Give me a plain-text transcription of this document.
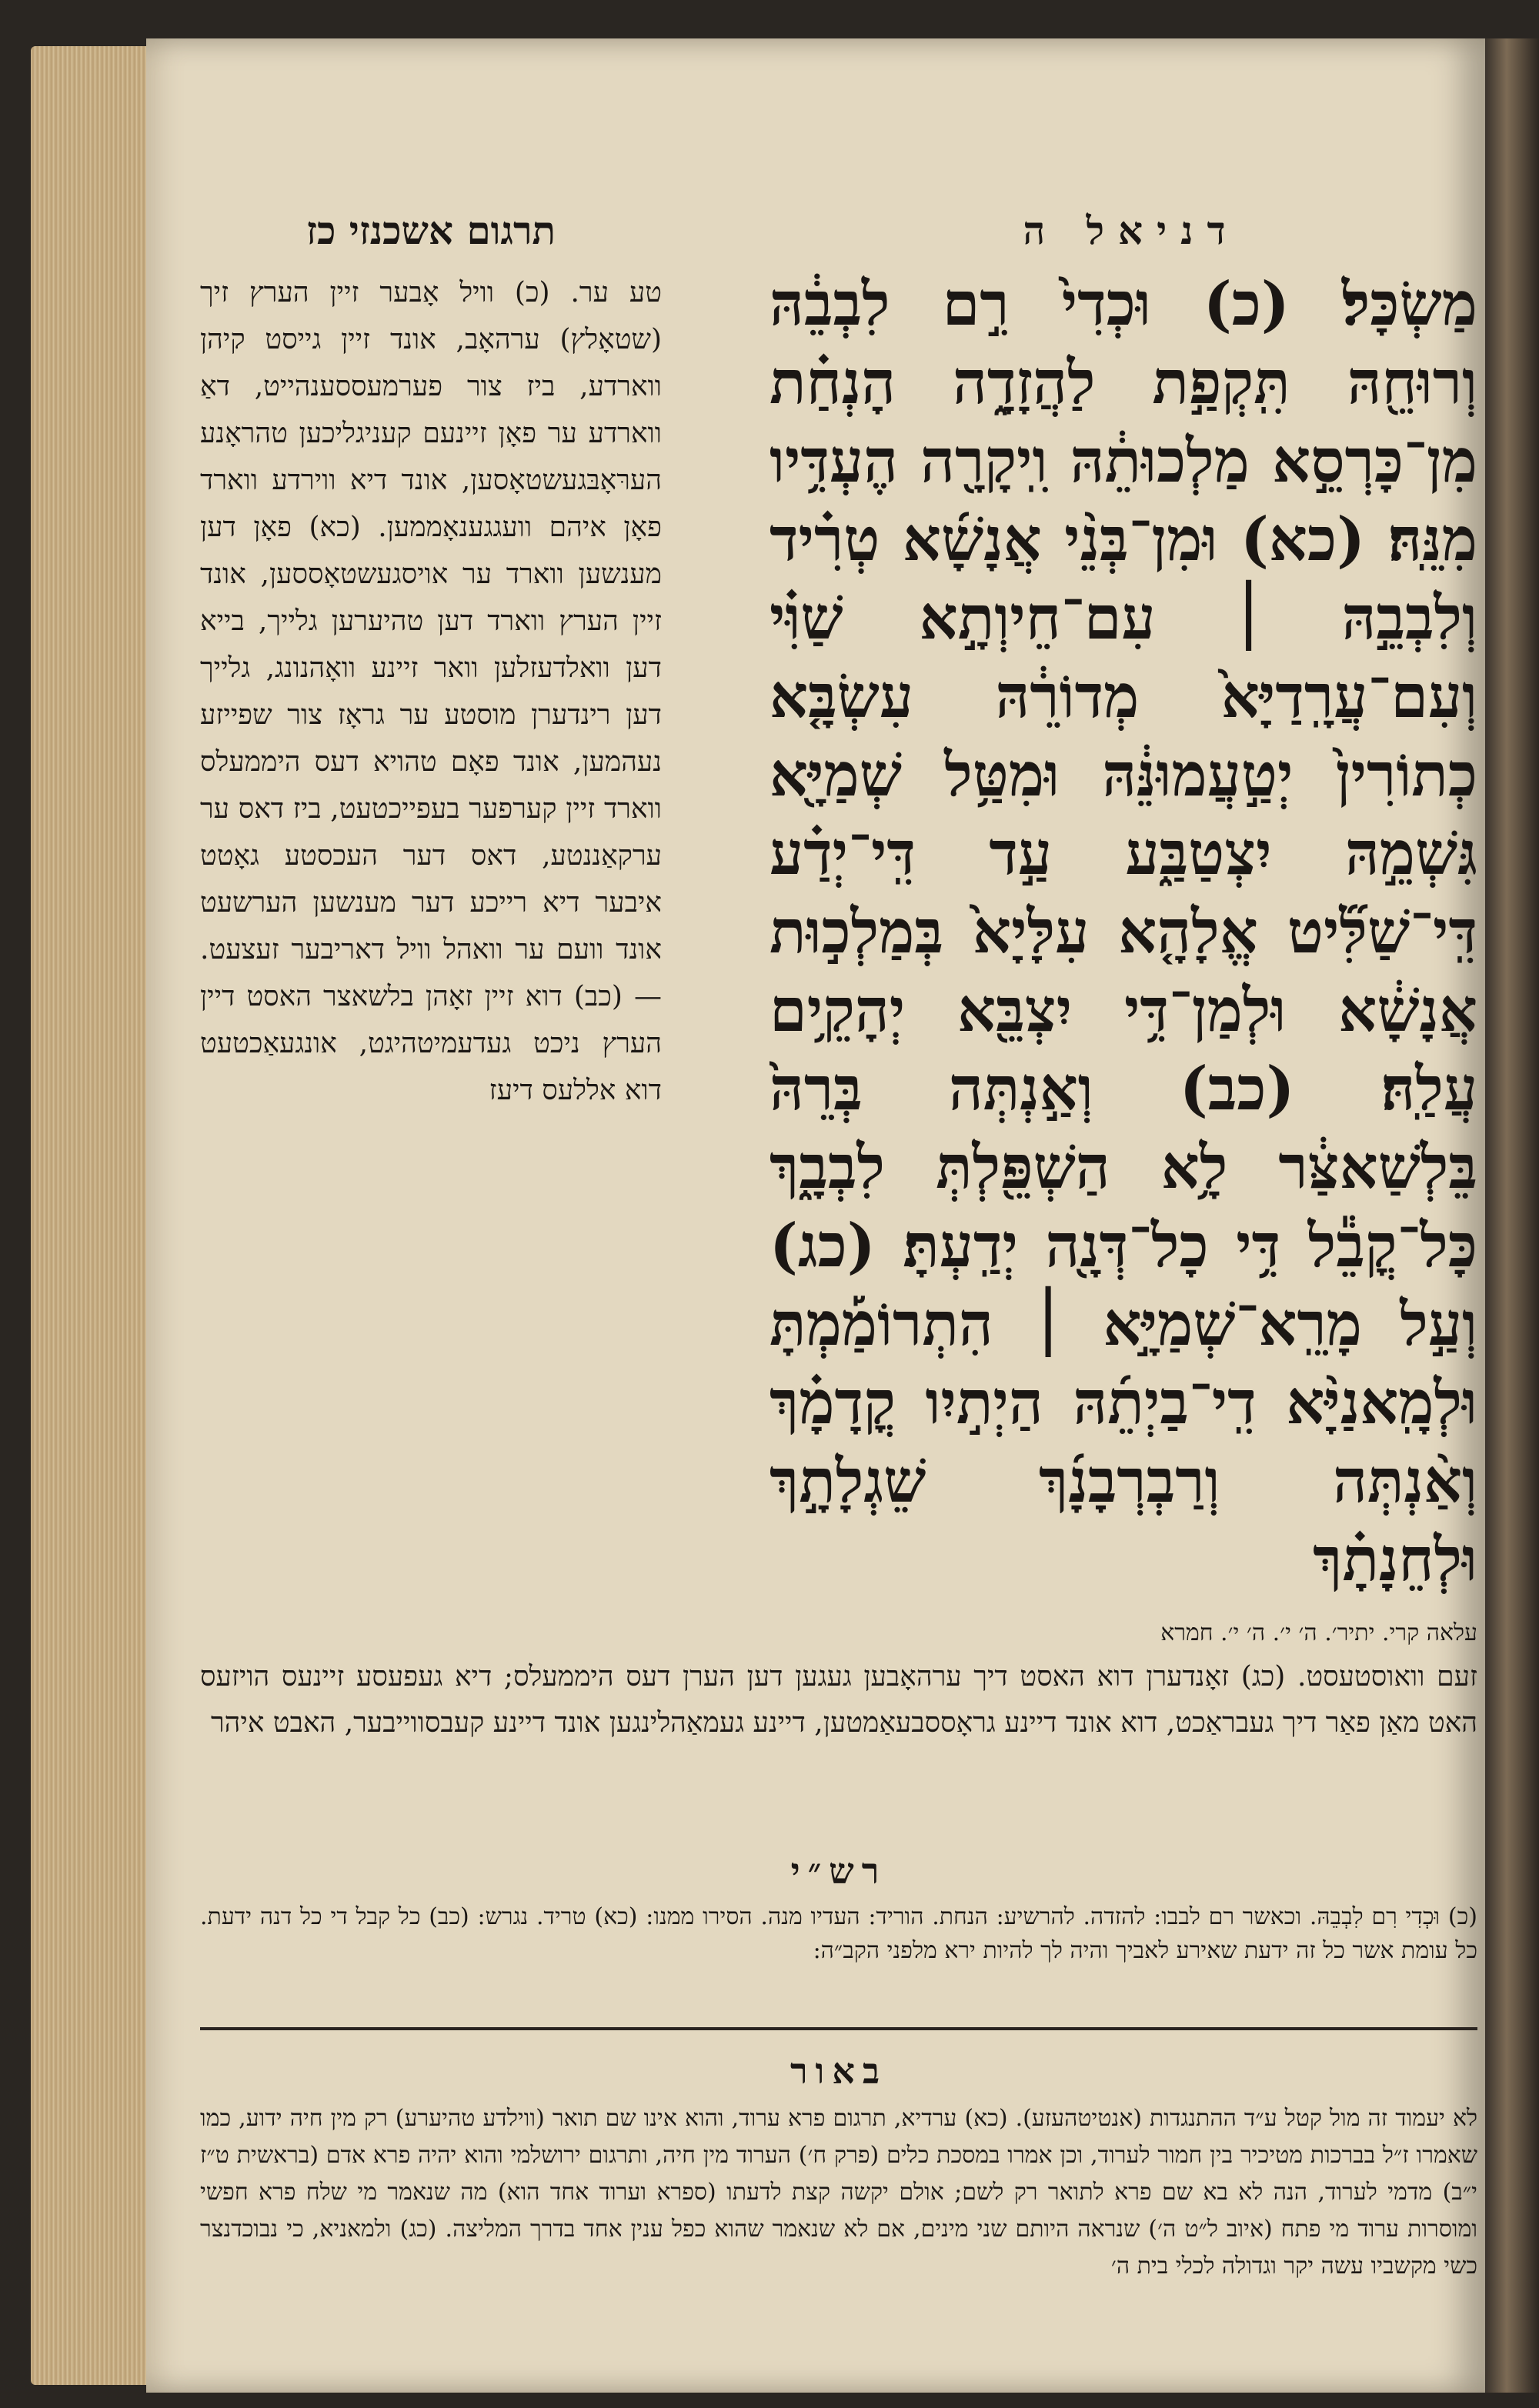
דניאל ה
תרגום אשכנזי כז
מַשְׂכָּל׃ (כ) וּכְדִי֙ רִ֣ם לִבְבֵ֔הּ וְרוּחֵ֖הּ תִּֽקְפַ֣ת לַהֲזָדָ֑ה הָנְחַ֗ת מִן־כָּרְסֵ֣א מַלְכוּתֵ֔הּ וִֽיקָרָ֖ה הֶעְדִּ֥יו מִנֵּֽהּ׃ (כא) וּמִן־בְּנֵ֨י אֲנָשָׁ֜א טְרִ֗יד וְלִבְבֵ֣הּ ׀ עִם־חֵיוְתָ֣א שַׁוִּ֗י וְעִם־עֲרָֽדַיָּא֙ מְדוֹרֵ֔הּ עִשְׂבָּ֤א כְתוֹרִין֙ יְטַ֣עֲמוּנֵּ֔הּ וּמִטַּ֥ל שְׁמַיָּ֖א גִּשְׁמֵ֣הּ יִצְטַבַּ֑ע עַ֣ד דִּֽי־יְדַ֗ע דִּֽי־שַׁלִּ֞יט אֱלָהָ֤א עִלָּיָא֙ בְּמַלְכ֣וּת אֲנָשָׁ֔א וּלְמַן־דִּ֥י יִצְבֵּ֖א יְהָקֵ֥ים עֲלַֽהּ׃ (כב) וְאַ֣נְתְּה בְּרֵהּ֙ בֵּלְשַׁאצַּ֔ר לָ֥א הַשְׁפֵּ֖לְתְּ לִבְבָ֑ךְ כָּל־קֳבֵ֕ל דִּ֥י כָל־דְּנָ֖ה יְדַֽעְתָּ׃ (כג) וְעַ֣ל מָרֵֽא־שְׁמַיָּ֣א ׀ הִתְרוֹמַ֡מְתָּ וּלְמָֽאנַיָּ֨א דִֽי־בַיְתֵ֜הּ הַיְת֣יִו קֳדָמָ֗ךְ וְאַ֨נְתְּה וְרַבְרְבָנָ֜ךְ שֵׁגְלָתָ֣ךְ וּלְחֵנָתָ֗ךְ
עלאה קרי. יתיר׳. ה׳ י׳. ה׳ י׳. חמרא
טע ער. (כ) וויל אָבער זיין הערץ זיך (שטאָלץ) ערהאָב, אונד זיין גייסט קיהן ווארדע, ביז צור פערמעססענהייט, דאַ ווארדע ער פאָן זיינעם קעניגליכען טהראָנע הערּאָבּגעשטאָסען, אונד דיא ווירדע ווארד פאָן איהם וועגגענאָממען. (כא) פאָן דען מענשען ווארד ער אויסגעשטאָססען, אונד זיין הערץ ווארד דען טהיערען גלייך, בייא דען וואלדעזלען וואר זיינע וואָהנונג, גלייך דען רינדערן מוסטע ער גראָז צור שפייזע נעהמען, אונד פאָם טהויא דעס היממעלס ווארד זיין קערפער בעפייכטעט, ביז דאס ער ערקאַננטע, דאס דער העכסטע גאָטט איבער דיא רייכע דער מענשען הערשעט אונד וועם ער וואהל וויל דאריבער זעצעט. — (כב) דוא זיין זאָהן בלשאצר האסט דיין הערץ ניכט געדעמיטהיגט, אונגעאַכטעט דוא אללעס דיעז
זעם וואוסטעסט. (כג) זאָנדערן דוא האסט דיך ערהאָבען געגען דען הערן דעס היממעלס; דיא געפעסע זיינעס הויזעס האט מאַן פאַר דיך געבראַכט, דוא אונד דיינע גראָססבעאַמטען, דיינע געמאַהלינגען אונד דיינע קעבסווייבער, האבט איהר
רש״י
(כ) וּכְדִי רִם לִבְבֵהּ. וכאשר רם לבבו: להזדה. להרשיע: הנחת. הוריד: העדיו מנה. הסירו ממנו: (כא) טריד. נגרש: (כב) כל קבל די כל דנה ידעת. כל עומת אשר כל זה ידעת שאירע לאביך והיה לך להיות ירא מלפני הקב״ה:
באור
לא יעמוד זה מול קטל ע״ד ההתנגדות (אנטיטהעזע). (כא) ערדיא, תרגום פרא ערוד, והוא אינו שם תואר (ווילדע טהיערע) רק מין חיה ידוע, כמו שאמרו ז״ל בברכות מטיכיר בין חמור לערוד, וכן אמרו במסכת כלים (פרק ח׳) הערוד מין חיה, ותרגום ירושלמי והוא יהיה פרא אדם (בראשית ט״ז י״ב) מדמי לערוד, הנה לא בא שם פרא לתואר רק לשם; אולם יקשה קצת לדעתו (ספרא וערוד אחד הוא) מה שנאמר מי שלח פרא חפשי ומוסרות ערוד מי פתח (איוב ל״ט ה׳) שנראה היותם שני מינים, אם לא שנאמר שהוא כפל ענין אחד בדרך המליצה. (כג) ולמאניא, כי נבוכדנצר כשי מקשביו עשה יקר וגדולה לכלי בית ה׳
